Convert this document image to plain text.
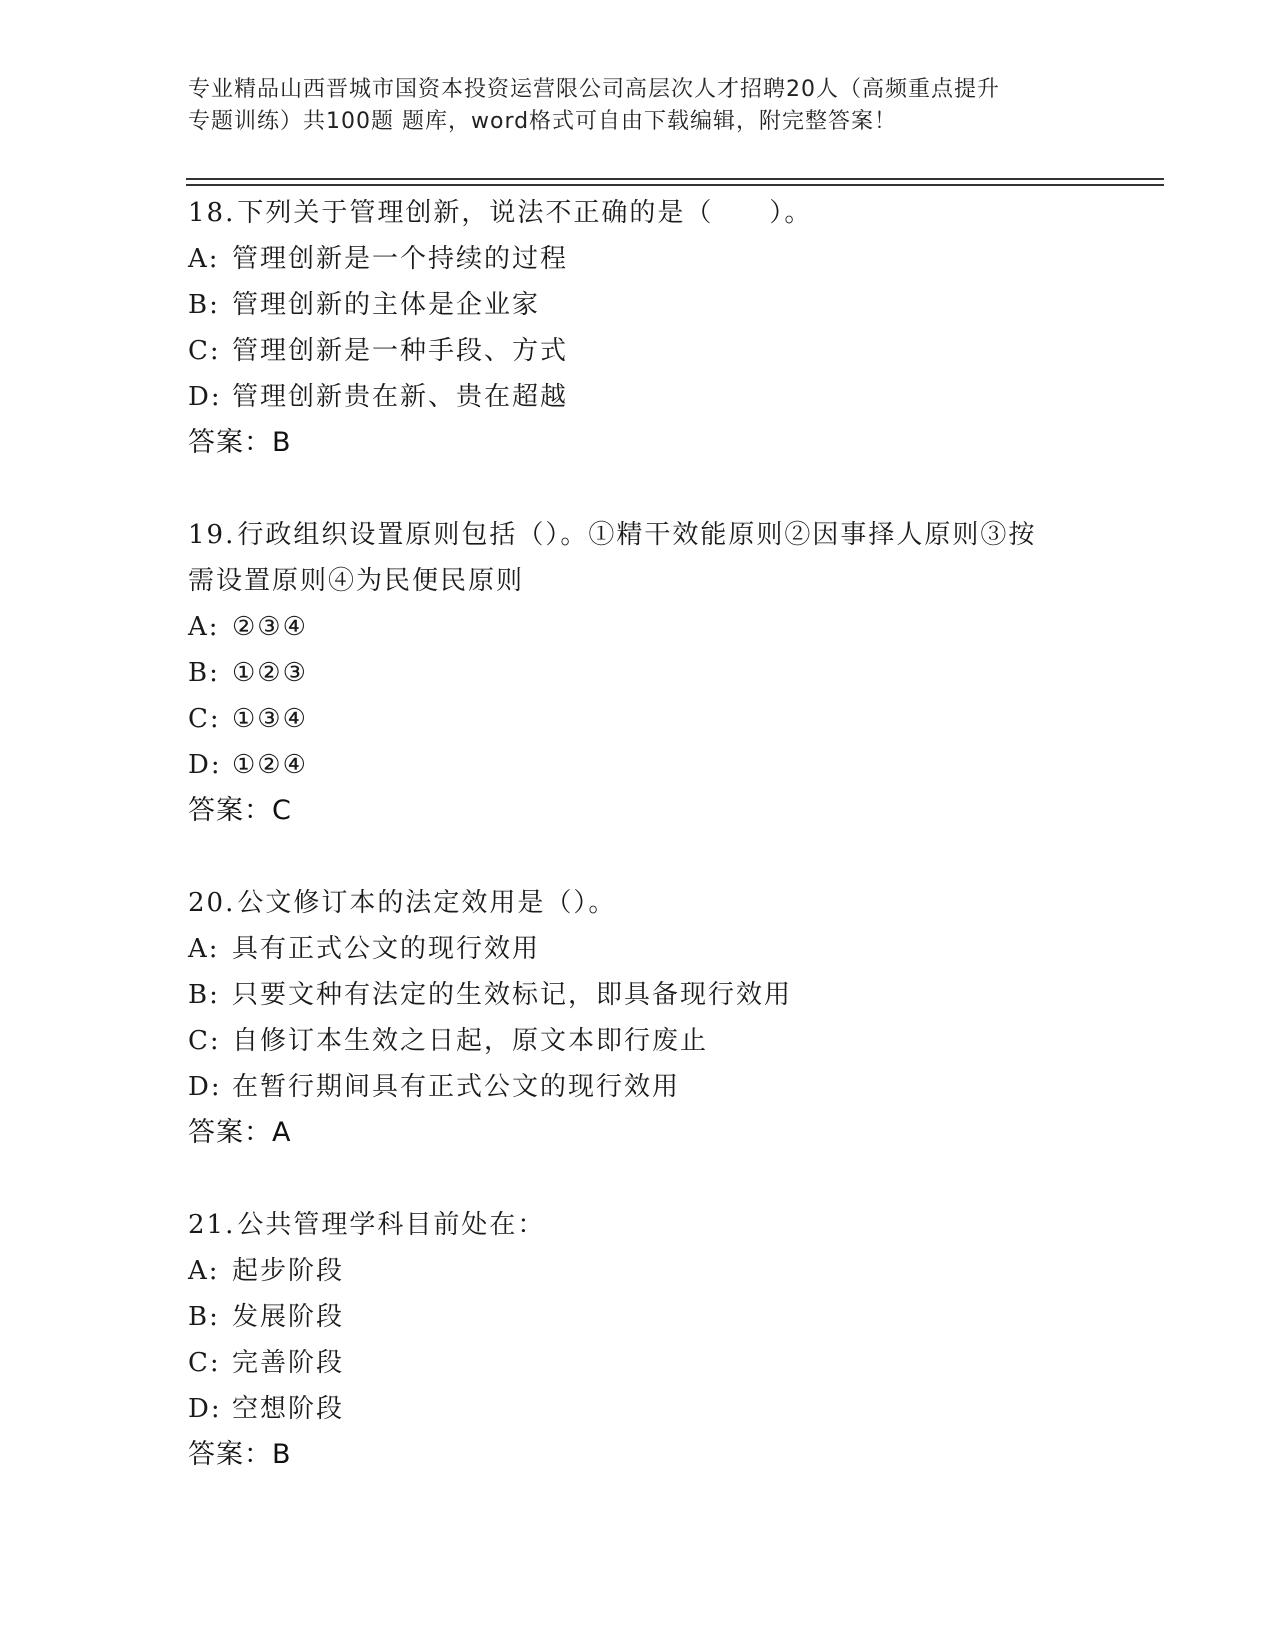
专业精品山西晋城市国资本投资运营限公司高层次人才招聘20人（高频重点提升
专题训练）共100题 题库，word格式可自由下载编辑，附完整答案！
18.下列关于管理创新，说法不正确的是（　　）。
A: 管理创新是一个持续的过程
B: 管理创新的主体是企业家
C: 管理创新是一种手段、方式
D: 管理创新贵在新、贵在超越
答案：B
19.行政组织设置原则包括（）。①精干效能原则②因事择人原则③按
需设置原则④为民便民原则
A: ②③④
B: ①②③
C: ①③④
D: ①②④
答案：C
20.公文修订本的法定效用是（）。
A: 具有正式公文的现行效用
B: 只要文种有法定的生效标记，即具备现行效用
C: 自修订本生效之日起，原文本即行废止
D: 在暂行期间具有正式公文的现行效用
答案：A
21.公共管理学科目前处在：
A: 起步阶段
B: 发展阶段
C: 完善阶段
D: 空想阶段
答案：B
